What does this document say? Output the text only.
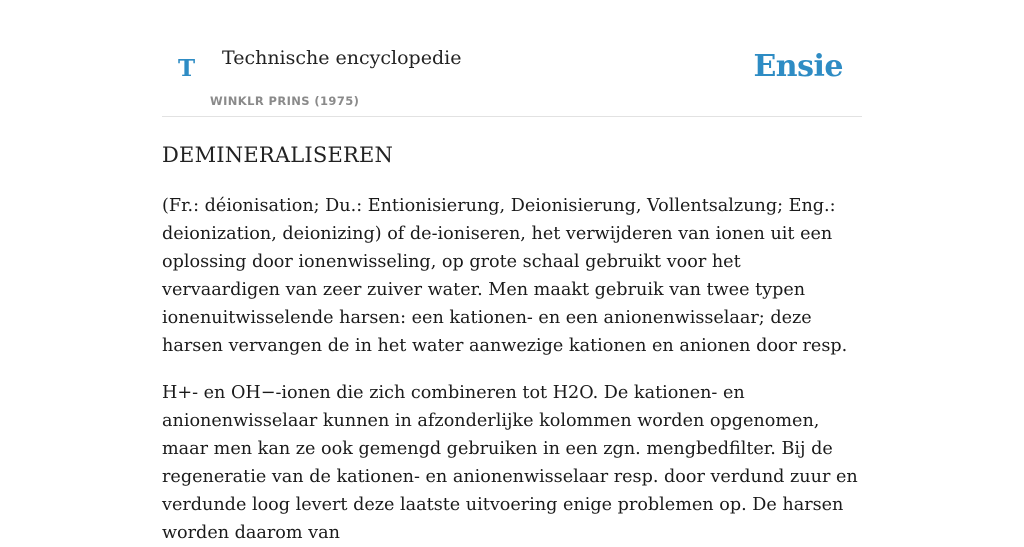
T Technische encyclopedie
WINKLR PRINS (1975)
Ensie
DEMINERALISEREN

(Fr.: déionisation; Du.: Entionisierung, Deionisierung, Vollentsalzung; Eng.: deionization, deionizing) of de-ioniseren, het verwijderen van ionen uit een oplossing door ionenwisseling, op grote schaal gebruikt voor het vervaardigen van zeer zuiver water. Men maakt gebruik van twee typen ionenuitwisselende harsen: een kationen- en een anionenwisselaar; deze harsen vervangen de in het water aanwezige kationen en anionen door resp.

H+- en OH−-ionen die zich combineren tot H2O. De kationen- en anionenwisselaar kunnen in afzonderlijke kolommen worden opgenomen, maar men kan ze ook gemengd gebruiken in een zgn. mengbedfilter. Bij de regeneratie van de kationen- en anionenwisselaar resp. door verdund zuur en verdunde loog levert deze laatste uitvoering enige problemen op. De harsen worden daarom van
